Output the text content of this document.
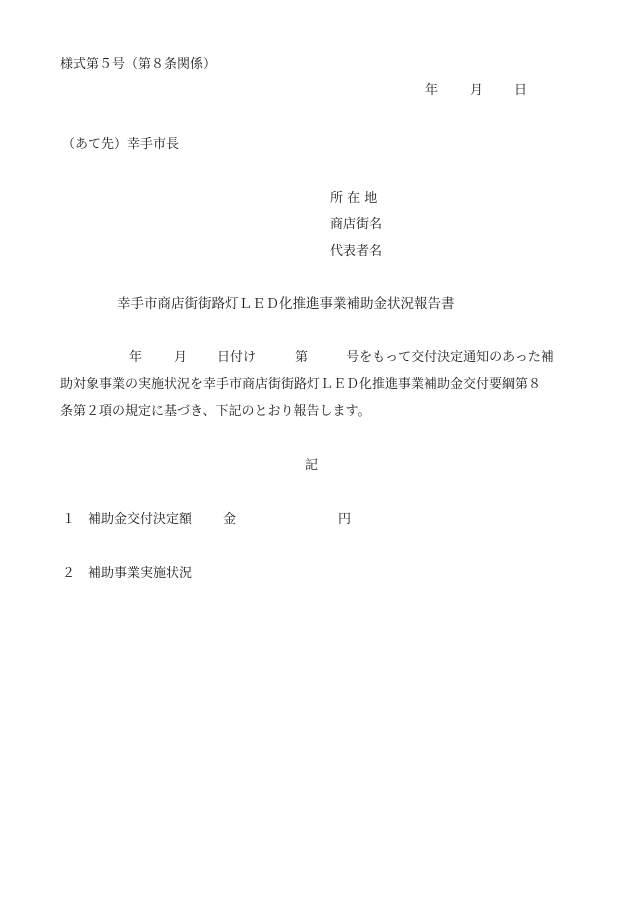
様式第５号（第８条関係）
年 月 日
（あて先）幸手市長
所 在 地
商店街名
代表者名
幸手市商店街街路灯ＬＥＤ化推進事業補助金状況報告書
年 月 日付け	第	号をもって交付決定通知のあった補
助対象事業の実施状況を幸手市商店街街路灯ＬＥＤ化推進事業補助金交付要綱第８
条第２項の規定に基づき、下記のとおり報告します。
記
１ 補助金交付決定額 金	円
２ 補助事業実施状況
